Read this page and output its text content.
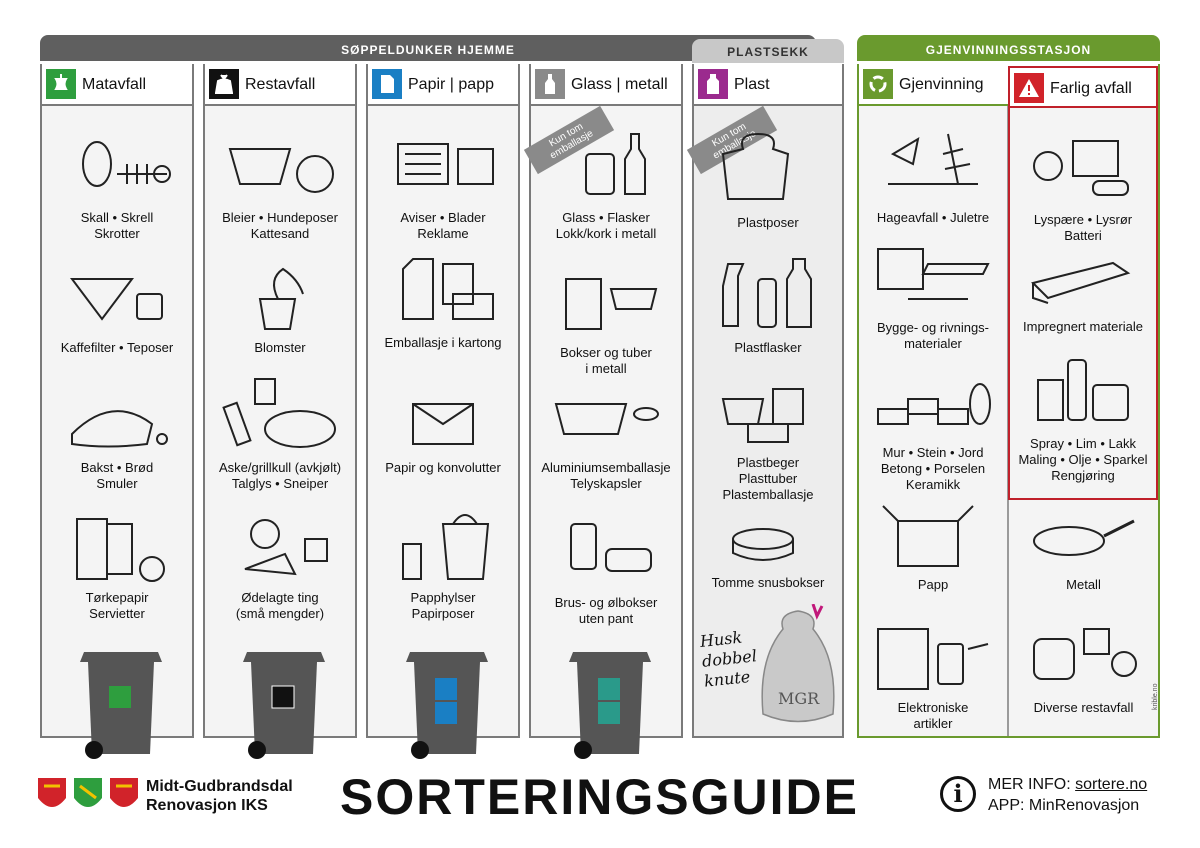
SØPPELDUNKER HJEMME	PLASTSEKK	GJENVINNINGSSTASJON
Matavfall
Skall • Skrell
Skrotter
Kaffefilter • Teposer
Bakst • Brød
Smuler
Tørkepapir
Servietter
Restavfall
Bleier • Hundeposer
Kattesand
Blomster
Aske/grillkull (avkjølt)
Talglys • Sneiper
Ødelagte ting
(små mengder)
Papir | papp
Aviser • Blader
Reklame
Emballasje i kartong
Papir og konvolutter
Papphylser
Papirposer
Glass | metall
Kun tom
emballasje
Glass • Flasker
Lokk/kork i metall
Bokser og tuber
i metall
Aluminiumsemballasje
Telyskapsler
Brus- og ølbokser
uten pant
Plast
Kun tom
emballasje
Plastposer
Plastflasker
Plastbeger
Plasttuber
Plastemballasje
Tomme snusbokser
Husk
dobbel
knute
MGR
Gjenvinning
Hageavfall • Juletre
Bygge- og rivnings-
materialer
Mur • Stein • Jord
Betong • Porselen
Keramikk
Papp
Elektroniske
artikler
Metall
Diverse restavfall
Farlig avfall
Lyspære • Lysrør
Batteri
Impregnert materiale
Spray • Lim • Lakk
Maling • Olje • Sparkel
Rengjøring
Midt-Gudbrandsdal
Renovasjon IKS	SORTERINGSGUIDE	i	MER INFO: sortere.no
APP: MinRenovasjon
krible.no
